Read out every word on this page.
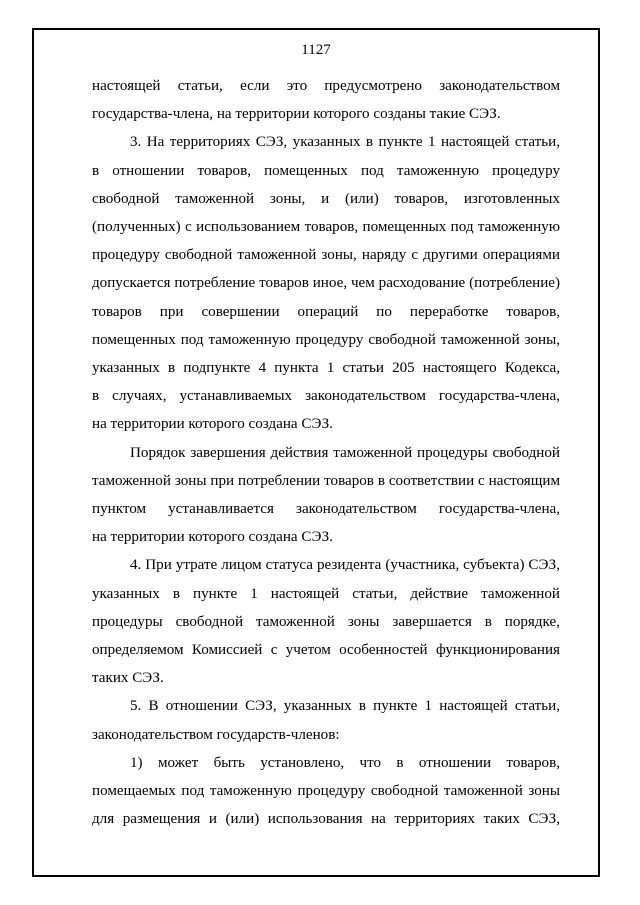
1127
настоящей статьи, если это предусмотрено законодательством
государства-члена, на территории которого созданы такие СЭЗ.
3. На территориях СЭЗ, указанных в пункте 1 настоящей статьи,
в отношении товаров, помещенных под таможенную процедуру
свободной таможенной зоны, и (или) товаров, изготовленных
(полученных) с использованием товаров, помещенных под таможенную
процедуру свободной таможенной зоны, наряду с другими операциями
допускается потребление товаров иное, чем расходование (потребление)
товаров при совершении операций по переработке товаров,
помещенных под таможенную процедуру свободной таможенной зоны,
указанных в подпункте 4 пункта 1 статьи 205 настоящего Кодекса,
в случаях, устанавливаемых законодательством государства-члена,
на территории которого создана СЭЗ.
Порядок завершения действия таможенной процедуры свободной
таможенной зоны при потреблении товаров в соответствии с настоящим
пунктом устанавливается законодательством государства-члена,
на территории которого создана СЭЗ.
4. При утрате лицом статуса резидента (участника, субъекта) СЭЗ,
указанных в пункте 1 настоящей статьи, действие таможенной
процедуры свободной таможенной зоны завершается в порядке,
определяемом Комиссией с учетом особенностей функционирования
таких СЭЗ.
5. В отношении СЭЗ, указанных в пункте 1 настоящей статьи,
законодательством государств-членов:
1) может быть установлено, что в отношении товаров,
помещаемых под таможенную процедуру свободной таможенной зоны
для размещения и (или) использования на территориях таких СЭЗ,
